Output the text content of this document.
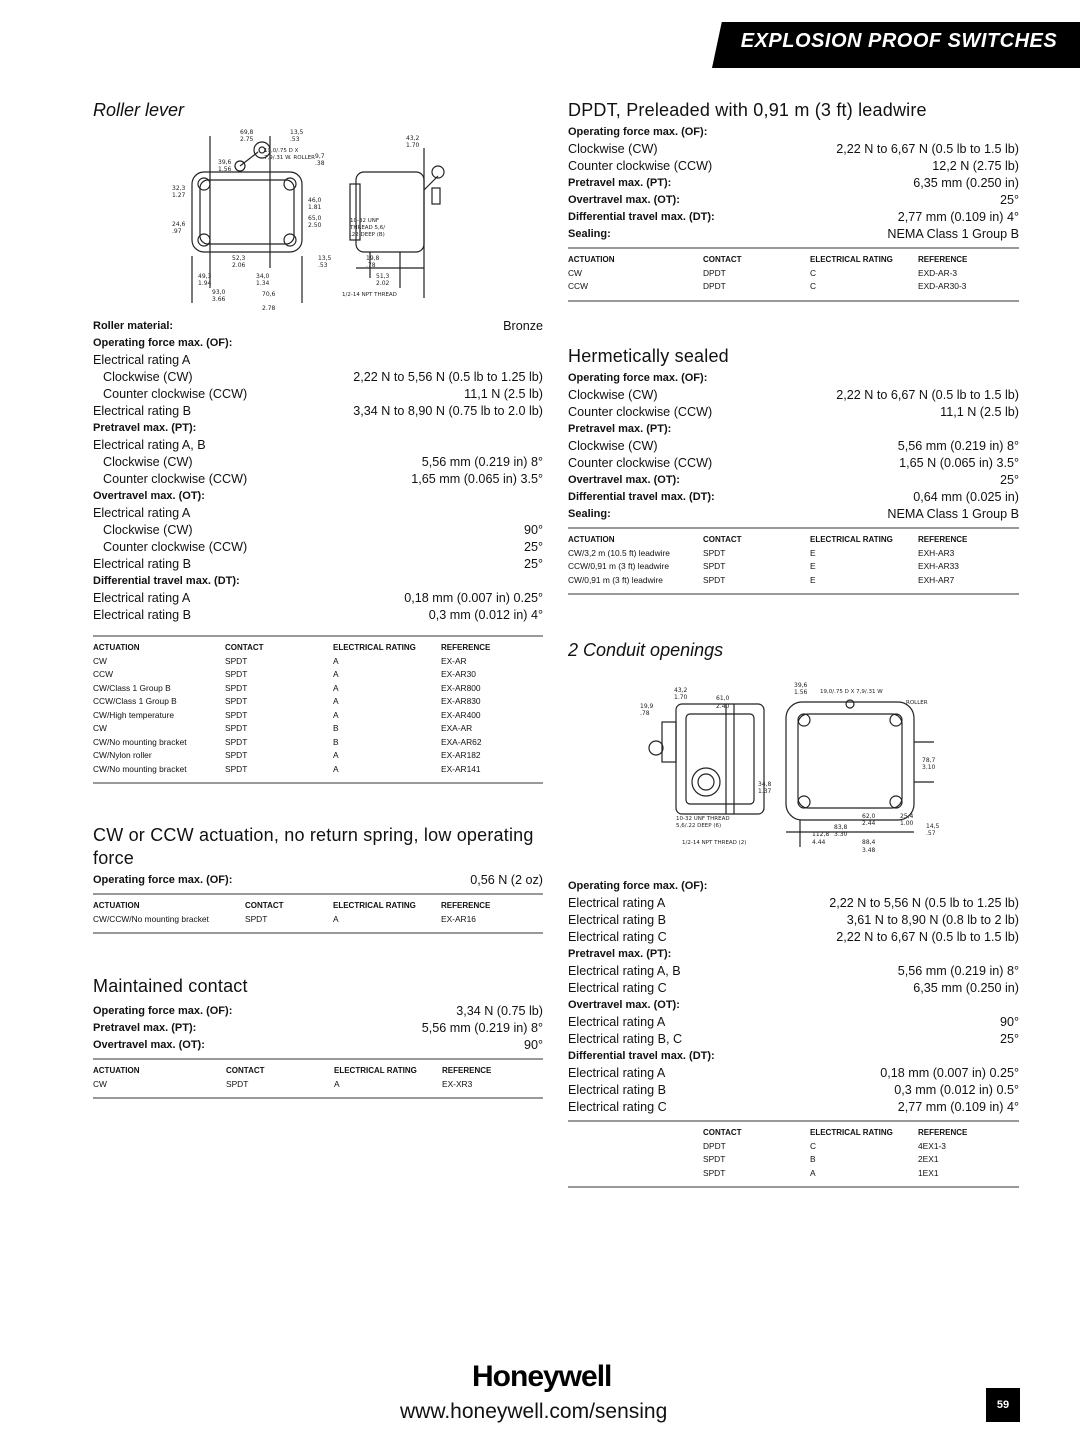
EXPLOSION PROOF SWITCHES
Roller lever
69,8
2.75
13,5
.53	43,2
1.70
19,0/.75 D X
7,9/.31 W. ROLLER
39,6
1.56
9,7
.38
32,3
1.27
24,6
.97
46,0
1.81
65,0
2.50
10-32 UNF
THREAD 5,6/
.22 DEEP (B)
52,3
2.06
13,5
.53
19,8
.78
49,3
1.94
34,0
1.34
51,3
2.02
93,0
3.66
70,6
2.78
1/2-14 NPT THREAD
Roller material:	Bronze
Operating force max. (OF):
Electrical rating A
Clockwise (CW)	2,22 N to 5,56 N (0.5 lb to 1.25 lb)
Counter clockwise (CCW)	11,1 N (2.5 lb)
Electrical rating B	3,34 N to 8,90 N (0.75 lb to 2.0 lb)
Pretravel max. (PT):
Electrical rating A, B
Clockwise (CW)	5,56 mm (0.219 in) 8°
Counter clockwise (CCW)	1,65 mm (0.065 in) 3.5°
Overtravel max. (OT):
Electrical rating A
Clockwise (CW)	90°
Counter clockwise (CCW)	25°
Electrical rating B	25°
Differential travel max. (DT):
Electrical rating A	0,18 mm (0.007 in) 0.25°
Electrical rating B	0,3 mm (0.012 in) 4°
ACTUATION	CONTACT	ELECTRICAL RATING	REFERENCE
CW	SPDT	A	EX-AR
CCW	SPDT	A	EX-AR30
CW/Class 1 Group B	SPDT	A	EX-AR800
CCW/Class 1 Group B	SPDT	A	EX-AR830
CW/High temperature	SPDT	A	EX-AR400
CW	SPDT	B	EXA-AR
CW/No mounting bracket	SPDT	B	EXA-AR62
CW/Nylon roller	SPDT	A	EX-AR182
CW/No mounting bracket	SPDT	A	EX-AR141
CW or CCW actuation, no return spring, low operating force
Operating force max. (OF):	0,56 N (2 oz)
ACTUATION	CONTACT	ELECTRICAL RATING	REFERENCE
CW/CCW/No mounting bracket	SPDT	A	EX-AR16
Maintained contact
Operating force max. (OF):	3,34 N (0.75 lb)
Pretravel max. (PT):	5,56 mm (0.219 in) 8°
Overtravel max. (OT):	90°
ACTUATION	CONTACT	ELECTRICAL RATING	REFERENCE
CW	SPDT	A	EX-XR3
DPDT, Preleaded with 0,91 m (3 ft) leadwire
Operating force max. (OF):
Clockwise (CW)	2,22 N to 6,67 N (0.5 lb to 1.5 lb)
Counter clockwise (CCW)	12,2 N (2.75 lb)
Pretravel max. (PT):	6,35 mm (0.250 in)
Overtravel max. (OT):	25°
Differential travel max. (DT):	2,77 mm (0.109 in) 4°
Sealing:	NEMA Class 1 Group B
ACTUATION	CONTACT	ELECTRICAL RATING	REFERENCE
CW	DPDT	C	EXD-AR-3
CCW	DPDT	C	EXD-AR30-3
Hermetically sealed
Operating force max. (OF):
Clockwise (CW)	2,22 N to 6,67 N (0.5 lb to 1.5 lb)
Counter clockwise (CCW)	11,1 N (2.5 lb)
Pretravel max. (PT):
Clockwise (CW)	5,56 mm (0.219 in) 8°
Counter clockwise (CCW)	1,65 N (0.065 in) 3.5°
Overtravel max. (OT):	25°
Differential travel max. (DT):	0,64 mm (0.025 in)
Sealing:	NEMA Class 1 Group B
ACTUATION	CONTACT	ELECTRICAL RATING	REFERENCE
CW/3,2 m (10.5 ft) leadwire	SPDT	E	EXH-AR3
CCW/0,91 m (3 ft) leadwire	SPDT	E	EXH-AR33
CW/0,91 m (3 ft) leadwire	SPDT	E	EXH-AR7
2 Conduit openings
43,2
1.70	61,0
2.40
39,6
1.56 19,0/.75 D X 7,9/.31 W
ROLLER
19,9
.78
78,7
3.10
34,8
1.37
10-32 UNF THREAD
5,6/.22 DEEP (6)
62,0
2.44
25,4
1.00 14,5
.57
83,8
3.30
112,8
4.44	88,4
3.48
1/2-14 NPT THREAD (2)
Operating force max. (OF):
Electrical rating A	2,22 N to 5,56 N (0.5 lb to 1.25 lb)
Electrical rating B	3,61 N to 8,90 N (0.8 lb to 2 lb)
Electrical rating C	2,22 N to 6,67 N (0.5 lb to 1.5 lb)
Pretravel max. (PT):
Electrical rating A, B	5,56 mm (0.219 in) 8°
Electrical rating C	6,35 mm (0.250 in)
Overtravel max. (OT):
Electrical rating A	90°
Electrical rating B, C	25°
Differential travel max. (DT):
Electrical rating A	0,18 mm (0.007 in) 0.25°
Electrical rating B	0,3 mm (0.012 in) 0.5°
Electrical rating C	2,77 mm (0.109 in) 4°
CONTACT	ELECTRICAL RATING	REFERENCE
DPDT	C	4EX1-3
SPDT	B	2EX1
SPDT	A	1EX1
Honeywell
www.honeywell.com/sensing	59
